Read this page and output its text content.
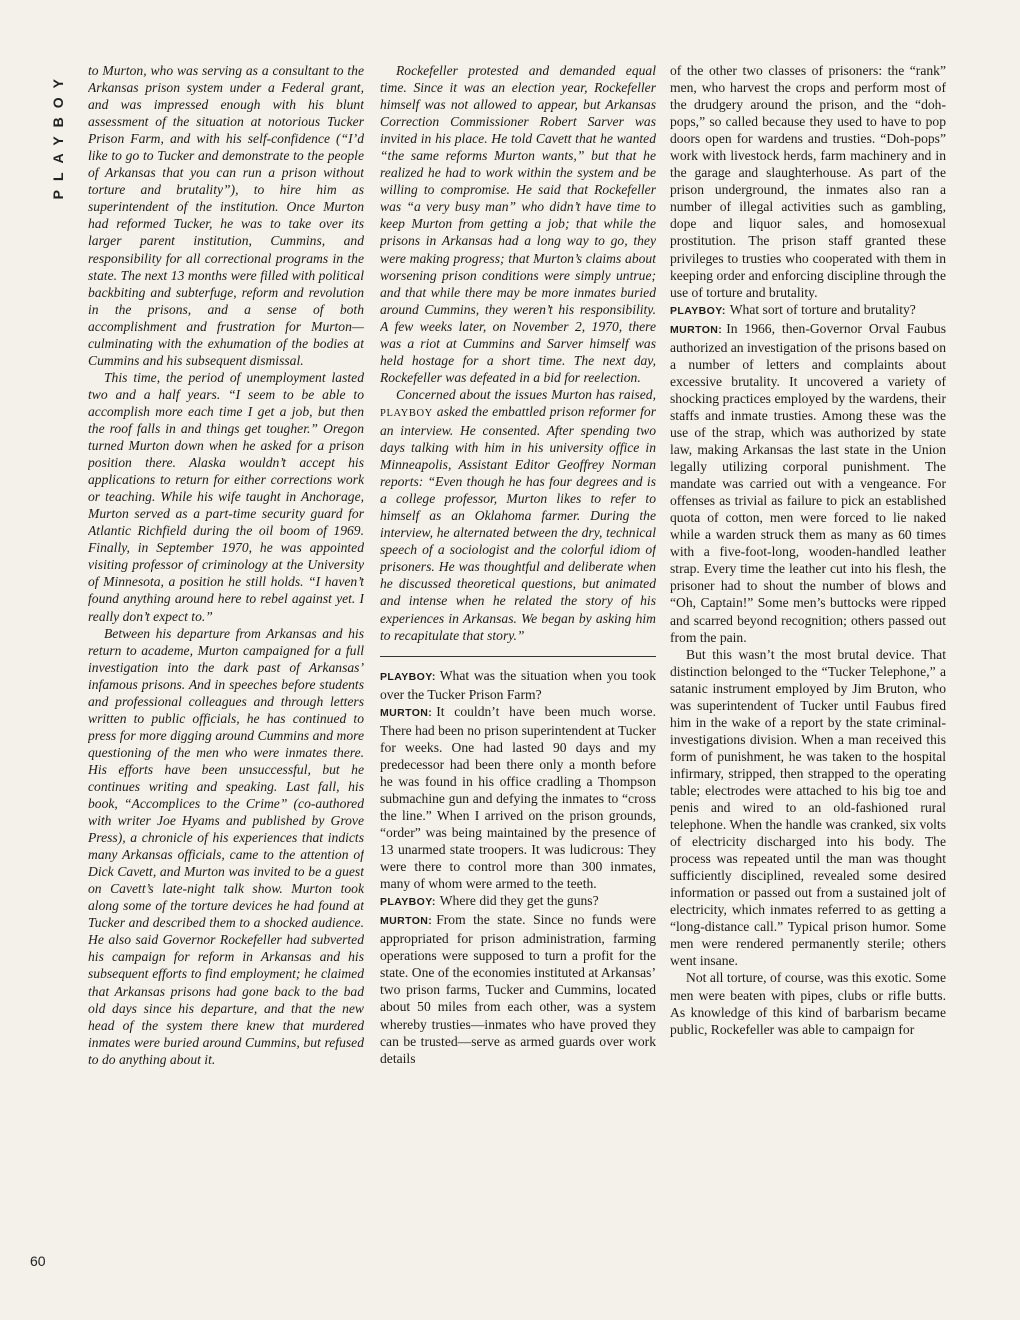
PLAYBOY
60

to Murton, who was serving as a consultant to the Arkansas prison system under a Federal grant, and was impressed enough with his blunt assessment of the situation at notorious Tucker Prison Farm, and with his self-confidence (“I’d like to go to Tucker and demonstrate to the people of Arkansas that you can run a prison without torture and brutality”), to hire him as superintendent of the institution. Once Murton had reformed Tucker, he was to take over its larger parent institution, Cummins, and responsibility for all correctional programs in the state. The next 13 months were filled with political backbiting and subterfuge, reform and revolution in the prisons, and a sense of both accomplishment and frustration for Murton—culminating with the exhumation of the bodies at Cummins and his subsequent dismissal.

This time, the period of unemployment lasted two and a half years. “I seem to be able to accomplish more each time I get a job, but then the roof falls in and things get tougher.” Oregon turned Murton down when he asked for a prison position there. Alaska wouldn’t accept his applications to return for either corrections work or teaching. While his wife taught in Anchorage, Murton served as a part-time security guard for Atlantic Richfield during the oil boom of 1969. Finally, in September 1970, he was appointed visiting professor of criminology at the University of Minnesota, a position he still holds. “I haven’t found anything around here to rebel against yet. I really don’t expect to.”

Between his departure from Arkansas and his return to academe, Murton campaigned for a full investigation into the dark past of Arkansas’ infamous prisons. And in speeches before students and professional colleagues and through letters written to public officials, he has continued to press for more digging around Cummins and more questioning of the men who were inmates there. His efforts have been unsuccessful, but he continues writing and speaking. Last fall, his book, “Accomplices to the Crime” (co-authored with writer Joe Hyams and published by Grove Press), a chronicle of his experiences that indicts many Arkansas officials, came to the attention of Dick Cavett, and Murton was invited to be a guest on Cavett’s late-night talk show. Murton took along some of the torture devices he had found at Tucker and described them to a shocked audience. He also said Governor Rockefeller had subverted his campaign for reform in Arkansas and his subsequent efforts to find employment; he claimed that Arkansas prisons had gone back to the bad old days since his departure, and that the new head of the system there knew that murdered inmates were buried around Cummins, but refused to do anything about it.

Rockefeller protested and demanded equal time. Since it was an election year, Rockefeller himself was not allowed to appear, but Arkansas Correction Commissioner Robert Sarver was invited in his place. He told Cavett that he wanted “the same reforms Murton wants,” but that he realized he had to work within the system and be willing to compromise. He said that Rockefeller was “a very busy man” who didn’t have time to keep Murton from getting a job; that while the prisons in Arkansas had a long way to go, they were making progress; that Murton’s claims about worsening prison conditions were simply untrue; and that while there may be more inmates buried around Cummins, they weren’t his responsibility. A few weeks later, on November 2, 1970, there was a riot at Cummins and Sarver himself was held hostage for a short time. The next day, Rockefeller was defeated in a bid for reelection.

Concerned about the issues Murton has raised, PLAYBOY asked the embattled prison reformer for an interview. He consented. After spending two days talking with him in his university office in Minneapolis, Assistant Editor Geoffrey Norman reports: “Even though he has four degrees and is a college professor, Murton likes to refer to himself as an Oklahoma farmer. During the interview, he alternated between the dry, technical speech of a sociologist and the colorful idiom of prisoners. He was thoughtful and deliberate when he discussed theoretical questions, but animated and intense when he related the story of his experiences in Arkansas. We began by asking him to recapitulate that story.”

PLAYBOY: What was the situation when you took over the Tucker Prison Farm?

MURTON: It couldn’t have been much worse. There had been no prison superintendent at Tucker for weeks. One had lasted 90 days and my predecessor had been there only a month before he was found in his office cradling a Thompson submachine gun and defying the inmates to “cross the line.” When I arrived on the prison grounds, “order” was being maintained by the presence of 13 unarmed state troopers. It was ludicrous: They were there to control more than 300 inmates, many of whom were armed to the teeth.

PLAYBOY: Where did they get the guns?

MURTON: From the state. Since no funds were appropriated for prison administration, farming operations were supposed to turn a profit for the state. One of the economies instituted at Arkansas’ two prison farms, Tucker and Cummins, located about 50 miles from each other, was a system whereby trusties—inmates who have proved they can be trusted—serve as armed guards over work details

of the other two classes of prisoners: the “rank” men, who harvest the crops and perform most of the drudgery around the prison, and the “doh-pops,” so called because they used to have to pop doors open for wardens and trusties. “Doh-pops” work with livestock herds, farm machinery and in the garage and slaughterhouse. As part of the prison underground, the inmates also ran a number of illegal activities such as gambling, dope and liquor sales, and homosexual prostitution. The prison staff granted these privileges to trusties who cooperated with them in keeping order and enforcing discipline through the use of torture and brutality.

PLAYBOY: What sort of torture and brutality?

MURTON: In 1966, then-Governor Orval Faubus authorized an investigation of the prisons based on a number of letters and complaints about excessive brutality. It uncovered a variety of shocking practices employed by the wardens, their staffs and inmate trusties. Among these was the use of the strap, which was authorized by state law, making Arkansas the last state in the Union legally utilizing corporal punishment. The mandate was carried out with a vengeance. For offenses as trivial as failure to pick an established quota of cotton, men were forced to lie naked while a warden struck them as many as 60 times with a five-foot-long, wooden-handled leather strap. Every time the leather cut into his flesh, the prisoner had to shout the number of blows and “Oh, Captain!” Some men’s buttocks were ripped and scarred beyond recognition; others passed out from the pain.

But this wasn’t the most brutal device. That distinction belonged to the “Tucker Telephone,” a satanic instrument employed by Jim Bruton, who was superintendent of Tucker until Faubus fired him in the wake of a report by the state criminal-investigations division. When a man received this form of punishment, he was taken to the hospital infirmary, stripped, then strapped to the operating table; electrodes were attached to his big toe and penis and wired to an old-fashioned rural telephone. When the handle was cranked, six volts of electricity discharged into his body. The process was repeated until the man was thought sufficiently disciplined, revealed some desired information or passed out from a sustained jolt of electricity, which inmates referred to as getting a “long-distance call.” Typical prison humor. Some men were rendered permanently sterile; others went insane.

Not all torture, of course, was this exotic. Some men were beaten with pipes, clubs or rifle butts. As knowledge of this kind of barbarism became public, Rockefeller was able to campaign for
